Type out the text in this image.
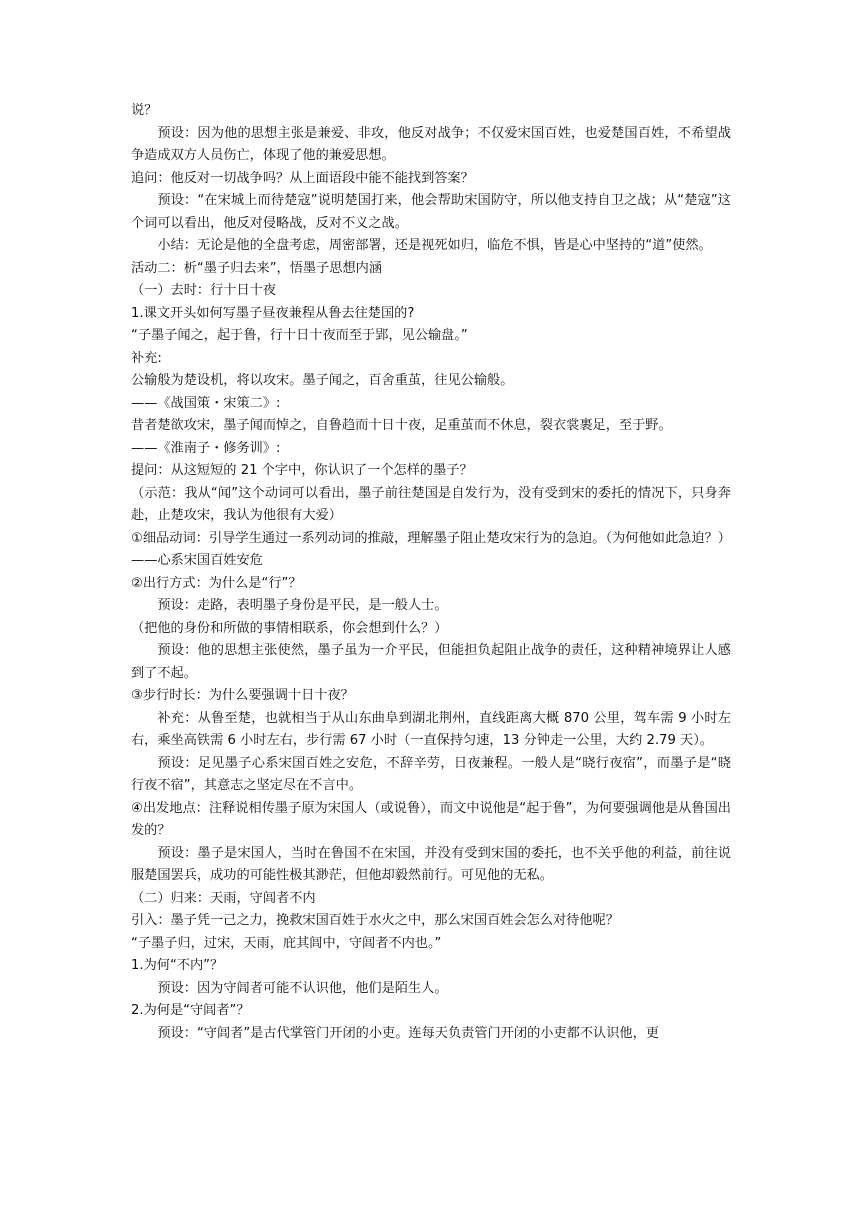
说？

预设：因为他的思想主张是兼爱、非攻，他反对战争；不仅爱宋国百姓，也爱楚国百姓，不希望战争造成双方人员伤亡，体现了他的兼爱思想。

追问：他反对一切战争吗？从上面语段中能不能找到答案？

预设：“在宋城上而待楚寇”说明楚国打来，他会帮助宋国防守，所以他支持自卫之战；从“楚寇”这个词可以看出，他反对侵略战，反对不义之战。

小结：无论是他的全盘考虑，周密部署，还是视死如归，临危不惧，皆是心中坚持的“道”使然。

活动二：析“墨子归去来”，悟墨子思想内涵

（一）去时：行十日十夜

1.课文开头如何写墨子昼夜兼程从鲁去往楚国的?

“子墨子闻之，起于鲁，行十日十夜而至于郢，见公输盘。”

补充:

公输般为楚设机，将以攻宋。墨子闻之，百舍重茧，往见公输般。

——《战国策・宋策二》:

昔者楚欲攻宋，墨子闻而悼之，自鲁趋而十日十夜，足重茧而不休息，裂衣裳裹足，至于野。

——《淮南子・修务训》:

提问：从这短短的 21 个字中，你认识了一个怎样的墨子？

（示范：我从“闻”这个动词可以看出，墨子前往楚国是自发行为，没有受到宋的委托的情况下，只身奔赴，止楚攻宋，我认为他很有大爱）

①细品动词：引导学生通过一系列动词的推敲，理解墨子阻止楚攻宋行为的急迫。（为何他如此急迫？）——心系宋国百姓安危

②出行方式：为什么是“行”？

预设：走路，表明墨子身份是平民，是一般人士。

（把他的身份和所做的事情相联系，你会想到什么？）

预设：他的思想主张使然，墨子虽为一介平民，但能担负起阻止战争的责任，这种精神境界让人感到了不起。

③步行时长：为什么要强调十日十夜？

补充：从鲁至楚，也就相当于从山东曲阜到湖北荆州，直线距离大概 870 公里，驾车需 9 小时左右，乘坐高铁需 6 小时左右，步行需 67 小时（一直保持匀速，13 分钟走一公里，大约 2.79 天）。

预设：足见墨子心系宋国百姓之安危，不辞辛劳，日夜兼程。一般人是“晓行夜宿”，而墨子是“晓行夜不宿”，其意志之坚定尽在不言中。

④出发地点：注释说相传墨子原为宋国人（或说鲁），而文中说他是“起于鲁”，为何要强调他是从鲁国出发的？

预设：墨子是宋国人，当时在鲁国不在宋国，并没有受到宋国的委托，也不关乎他的利益，前往说服楚国罢兵，成功的可能性极其渺茫，但他却毅然前行。可见他的无私。

（二）归来：天雨，守闾者不内

引入：墨子凭一己之力，挽救宋国百姓于水火之中，那么宋国百姓会怎么对待他呢？

“子墨子归，过宋，天雨，庇其闾中，守闾者不内也。”

1.为何“不内”？

预设：因为守闾者可能不认识他，他们是陌生人。

2.为何是“守闾者”？

预设：“守闾者”是古代掌管门开闭的小吏。连每天负责管门开闭的小吏都不认识他，更
